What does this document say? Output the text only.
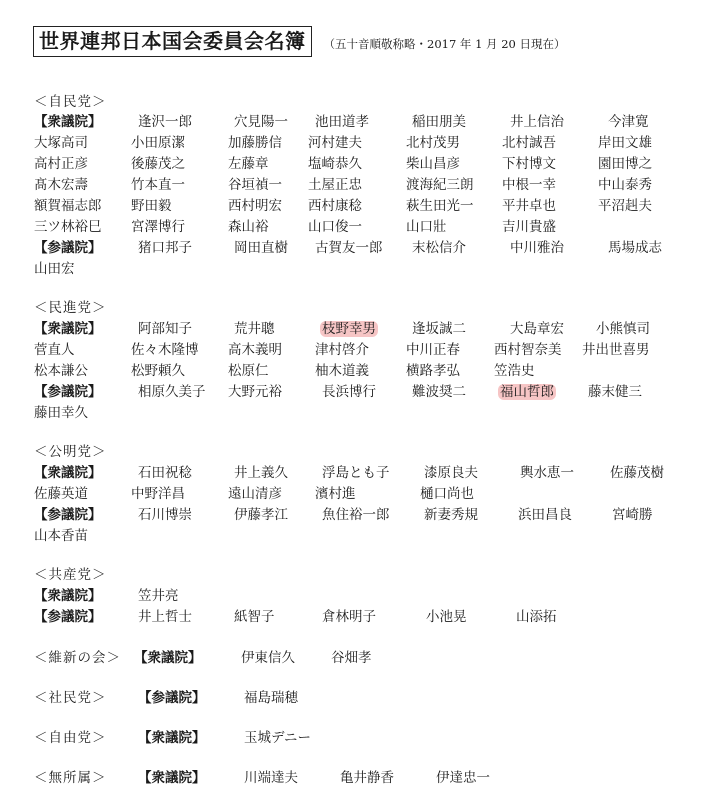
世界連邦日本国会委員会名簿	（五十音順敬称略・2017 年 1 月 20 日現在）
＜自民党＞
【衆議院】	逢沢一郎	穴見陽一 池田道孝	稲田朋美	井上信治	今津寛
大塚高司	小田原潔	加藤勝信 河村建夫	北村茂男	北村誠吾	岸田文雄
高村正彦	後藤茂之	左藤章	塩崎恭久	柴山昌彦	下村博文	園田博之
髙木宏壽	竹本直一	谷垣禎一 土屋正忠	渡海紀三朗 中根一幸	中山泰秀
額賀福志郎 野田毅	西村明宏 西村康稔	萩生田光一 平井卓也	平沼赳夫
三ツ林裕巳 宮澤博行	森山裕	山口俊一	山口壯	吉川貴盛
【参議院】	猪口邦子	岡田直樹 古賀友一郎 末松信介	中川雅治	馬場成志
山田宏
＜民進党＞
【衆議院】	阿部知子	荒井聰	枝野幸男	逢坂誠二	大島章宏 小熊慎司
菅直人	佐々木隆博 高木義明 津村啓介	中川正春	西村智奈美 井出世喜男
松本謙公	松野頼久	松原仁	柚木道義	横路孝弘	笠浩史
【参議院】	相原久美子 大野元裕	長浜博行	難波奨二	福山哲郎	藤末健三
藤田幸久
＜公明党＞
【衆議院】	石田祝稔	井上義久	浮島とも子	漆原良夫	輿水恵一	佐藤茂樹
佐藤英道	中野洋昌	遠山清彦 濱村進	樋口尚也
【参議院】	石川博崇	伊藤孝江	魚住裕一郎	新妻秀規	浜田昌良	宮崎勝
山本香苗
＜共産党＞
【衆議院】	笠井亮
【参議院】	井上哲士	紙智子	倉林明子	小池晃	山添拓
＜維新の会＞ 【衆議院】	伊東信久	谷畑孝
＜社民党＞ 【参議院】	福島瑞穂
＜自由党＞ 【衆議院】	玉城デニー
＜無所属＞ 【衆議院】	川端達夫	亀井静香	伊達忠一
